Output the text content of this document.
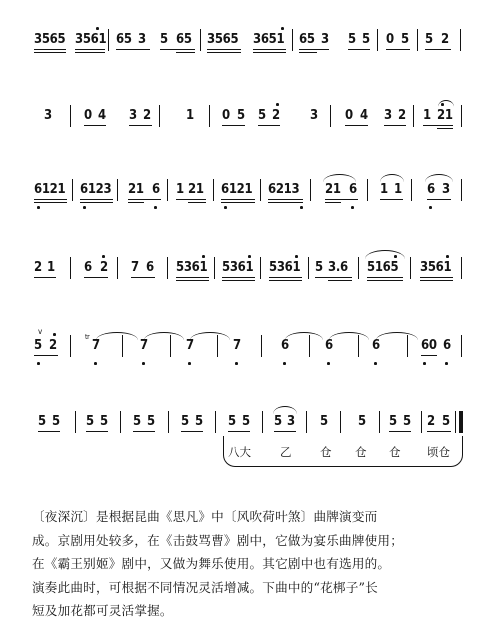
3565 3561 65 3 5 65 3565 3651 65 3 5 5 0 5 5 2
3 0 4 3 2	1 0 5 5 2 3 0 4 3 2 1 21
6121 6123 21 6 1 21 6121 6213 21 6 1 1 6 3
2 1 6 2 7 6 5361 5361 5361 5 3.6 5165 3561
v
5 2
tr
7	7	7	7	6	6	6	60 6
5 5 5 5 5 5 5 5 5 5 5 3 5 5 5 5 2 5
八大	乙 仓 仓 仓 顷仓

〔夜深沉〕是根据昆曲《思凡》中〔风吹荷叶煞〕曲牌演变而

成。京剧用处较多，在《击鼓骂曹》剧中，它做为宴乐曲牌使用；

在《霸王别姬》剧中，又做为舞乐使用。其它剧中也有选用的。

演奏此曲时，可根据不同情况灵活增减。下曲中的“花梆子”长

短及加花都可灵活掌握。
